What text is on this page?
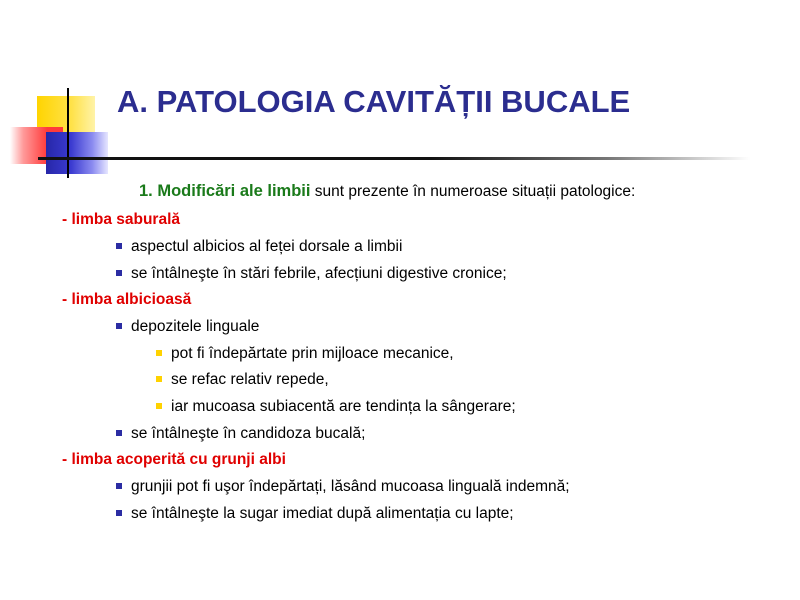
A. PATOLOGIA CAVITĂȚII BUCALE
1. Modificări ale limbii sunt prezente în numeroase situații patologice:
- limba saburală
aspectul albicios al feței dorsale a limbii
se întâlneşte în stări febrile, afecțiuni digestive cronice;
- limba albicioasă
depozitele linguale
pot fi îndepărtate prin mijloace mecanice,
se refac relativ repede,
iar mucoasa subiacentă are tendința la sângerare;
se întâlneşte în candidoza bucală;
- limba acoperită cu grunji albi
grunjii pot fi uşor îndepărtați, lăsând mucoasa linguală indemnă;
se întâlneşte la sugar imediat după alimentația cu lapte;
